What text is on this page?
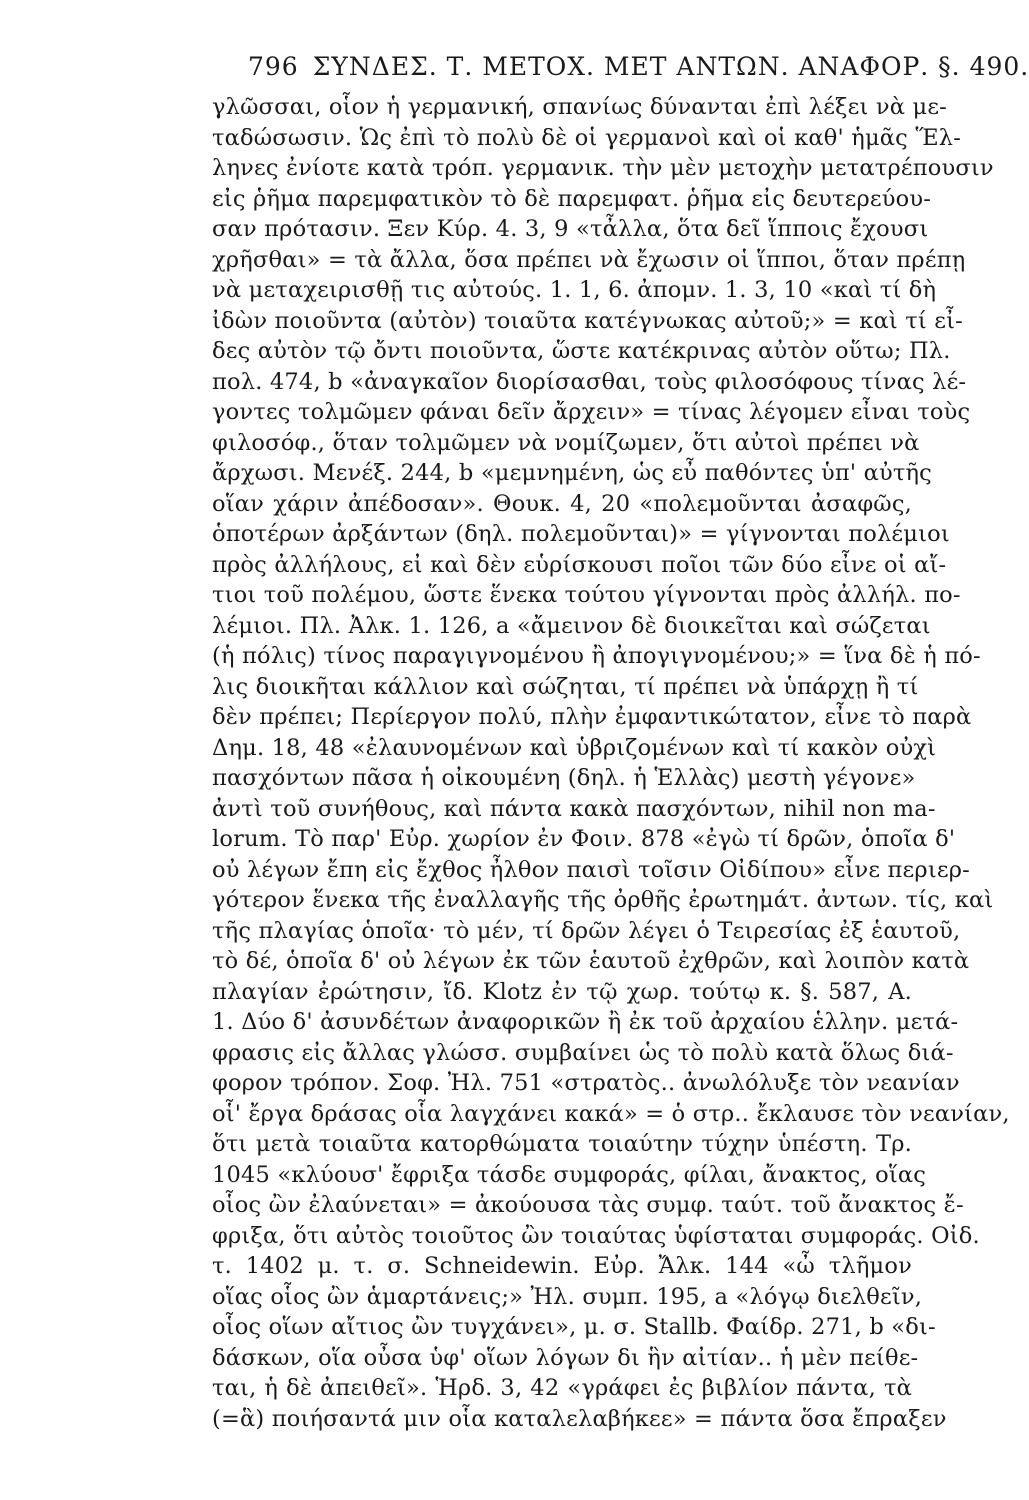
796 ΣΥΝΔΕΣ. Τ. ΜΕΤΟΧ. ΜΕΤ ΑΝΤΩΝ. ΑΝΑΦΟΡ. §. 490.
γλῶσσαι, οἷον ἡ γερμανική, σπανίως δύνανται ἐπὶ λέξει νὰ με-
ταδώσωσιν. Ὡς ἐπὶ τὸ πολὺ δὲ οἱ γερμανοὶ καὶ οἱ καθ' ἡμᾶς Ἕλ-
ληνες ἐνίοτε κατὰ τρόπ. γερμανικ. τὴν μὲν μετοχὴν μετατρέπουσιν
εἰς ῥῆμα παρεμφατικὸν τὸ δὲ παρεμφατ. ῥῆμα εἰς δευτερεύου-
σαν πρότασιν. Ξεν Κύρ. 4. 3, 9 «τἆλλα, ὅτα δεῖ ἵπποις ἔχουσι
χρῆσθαι» = τὰ ἄλλα, ὅσα πρέπει νὰ ἔχωσιν οἱ ἵπποι, ὅταν πρέπῃ
νὰ μεταχειρισθῇ τις αὐτούς. 1. 1, 6. ἀπομν. 1. 3, 10 «καὶ τί δὴ
ἰδὼν ποιοῦντα (αὐτὸν) τοιαῦτα κατέγνωκας αὐτοῦ;» = καὶ τί εἶ-
δες αὐτὸν τῷ ὄντι ποιοῦντα, ὥστε κατέκρινας αὐτὸν οὕτω; Πλ.
πολ. 474, b «ἀναγκαῖον διορίσασθαι, τοὺς φιλοσόφους τίνας λέ-
γοντες τολμῶμεν φάναι δεῖν ἄρχειν» = τίνας λέγομεν εἶναι τοὺς
φιλοσόφ., ὅταν τολμῶμεν νὰ νομίζωμεν, ὅτι αὐτοὶ πρέπει νὰ
ἄρχωσι. Μενέξ. 244, b «μεμνημένη, ὡς εὖ παθόντες ὑπ' αὐτῆς
οἵαν χάριν ἀπέδοσαν». Θουκ. 4, 20 «πολεμοῦνται ἀσαφῶς,
ὁποτέρων ἀρξάντων (δηλ. πολεμοῦνται)» = γίγνονται πολέμιοι
πρὸς ἀλλήλους, εἰ καὶ δὲν εὑρίσκουσι ποῖοι τῶν δύο εἶνε οἱ αἴ-
τιοι τοῦ πολέμου, ὥστε ἕνεκα τούτου γίγνονται πρὸς ἀλλήλ. πο-
λέμιοι. Πλ. Ἀλκ. 1. 126, a «ἄμεινον δὲ διοικεῖται καὶ σώζεται
(ἡ πόλις) τίνος παραγιγνομένου ἢ ἀπογιγνομένου;» = ἵνα δὲ ἡ πό-
λις διοικῆται κάλλιον καὶ σώζηται, τί πρέπει νὰ ὑπάρχῃ ἢ τί
δὲν πρέπει; Περίεργον πολύ, πλὴν ἐμφαντικώτατον, εἶνε τὸ παρὰ
Δημ. 18, 48 «ἐλαυνομένων καὶ ὑβριζομένων καὶ τί κακὸν οὐχὶ
πασχόντων πᾶσα ἡ οἰκουμένη (δηλ. ἡ Ἑλλὰς) μεστὴ γέγονε»
ἀντὶ τοῦ συνήθους, καὶ πάντα κακὰ πασχόντων, nihil non ma-
lorum. Τὸ παρ' Εὐρ. χωρίον ἐν Φοιν. 878 «ἐγὼ τί δρῶν, ὁποῖα δ'
οὐ λέγων ἔπη εἰς ἔχθος ἦλθον παισὶ τοῖσιν Οἰδίπου» εἶνε περιερ-
γότερον ἕνεκα τῆς ἐναλλαγῆς τῆς ὀρθῆς ἐρωτημάτ. ἀντων. τίς, καὶ
τῆς πλαγίας ὁποῖα· τὸ μέν, τί δρῶν λέγει ὁ Τειρεσίας ἐξ ἑαυτοῦ,
τὸ δέ, ὁποῖα δ' οὐ λέγων ἐκ τῶν ἑαυτοῦ ἐχθρῶν, καὶ λοιπὸν κατὰ
πλαγίαν ἐρώτησιν, ἴδ. Klotz ἐν τῷ χωρ. τούτῳ κ. §. 587, Α.
1. Δύο δ' ἀσυνδέτων ἀναφορικῶν ἢ ἐκ τοῦ ἀρχαίου ἑλλην. μετά-
φρασις εἰς ἄλλας γλώσσ. συμβαίνει ὡς τὸ πολὺ κατὰ ὅλως διά-
φορον τρόπον. Σοφ. Ἠλ. 751 «στρατὸς.. ἀνωλόλυξε τὸν νεανίαν
οἷ' ἔργα δράσας οἷα λαγχάνει κακά» = ὁ στρ.. ἔκλαυσε τὸν νεανίαν,
ὅτι μετὰ τοιαῦτα κατορθώματα τοιαύτην τύχην ὑπέστη. Τρ.
1045 «κλύουσ' ἔφριξα τάσδε συμφοράς, φίλαι, ἄνακτος, οἵας
οἷος ὢν ἐλαύνεται» = ἀκούουσα τὰς συμφ. ταύτ. τοῦ ἄνακτος ἔ-
φριξα, ὅτι αὐτὸς τοιοῦτος ὢν τοιαύτας ὑφίσταται συμφοράς. Οἰδ.
τ. 1402 μ. τ. σ. Schneidewin. Εὐρ. Ἄλκ. 144 «ὦ τλῆμον
οἵας οἷος ὢν ἁμαρτάνεις;» Ἠλ. συμπ. 195, a «λόγῳ διελθεῖν,
οἷος οἵων αἴτιος ὢν τυγχάνει», μ. σ. Stallb. Φαίδρ. 271, b «δι-
δάσκων, οἵα οὖσα ὑφ' οἵων λόγων δι ἣν αἰτίαν.. ἡ μὲν πείθε-
ται, ἡ δὲ ἀπειθεῖ». Ἡρδ. 3, 42 «γράφει ἐς βιβλίον πάντα, τὰ
(=ἃ) ποιήσαντά μιν οἷα καταλελαβήκεε» = πάντα ὅσα ἔπραξεν
